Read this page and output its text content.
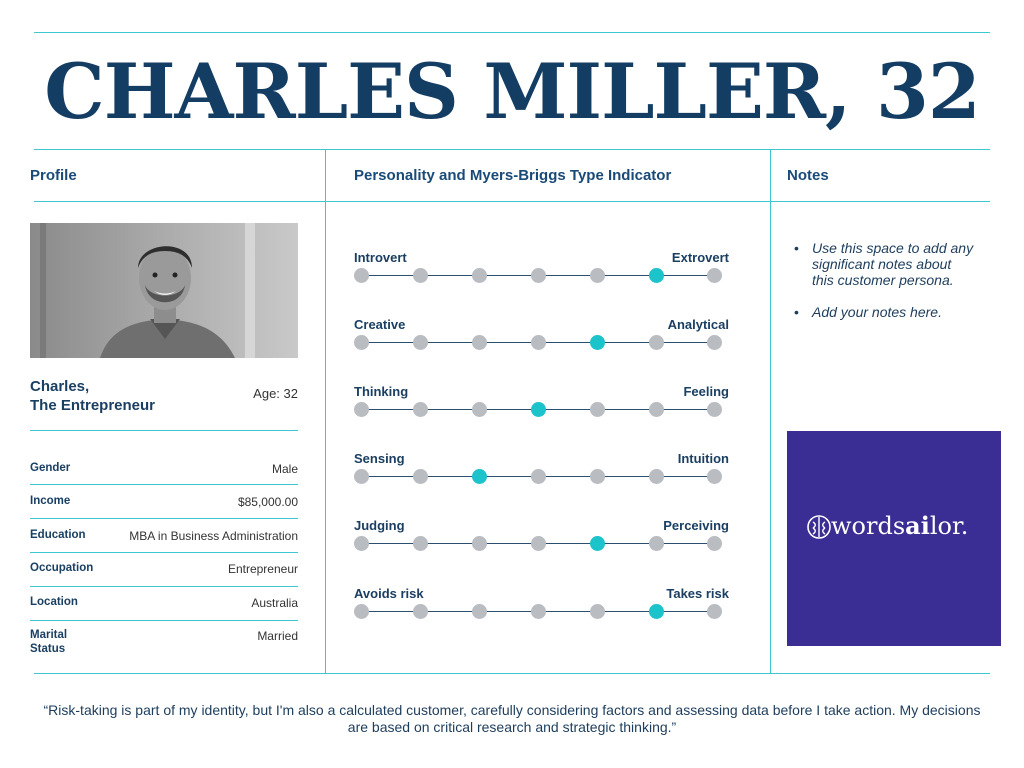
CHARLES MILLER, 32
Profile	Personality and Myers-Briggs Type Indicator	Notes
Charles,
The Entrepreneur
Age: 32
Gender	Male
Income	$85,000.00
Education	MBA in Business Administration
Occupation	Entrepreneur
Location	Australia
Marital
Status
Married
Introvert	Extrovert
Creative	Analytical
Thinking	Feeling
Sensing	Intuition
Judging	Perceiving
Avoids risk	Takes risk
• Use this space to add any significant notes about this customer persona.
• Add your notes here.
wordsailor.
“Risk-taking is part of my identity, but I'm also a calculated customer, carefully considering factors and assessing data before I take action. My decisions are based on critical research and strategic thinking.”
